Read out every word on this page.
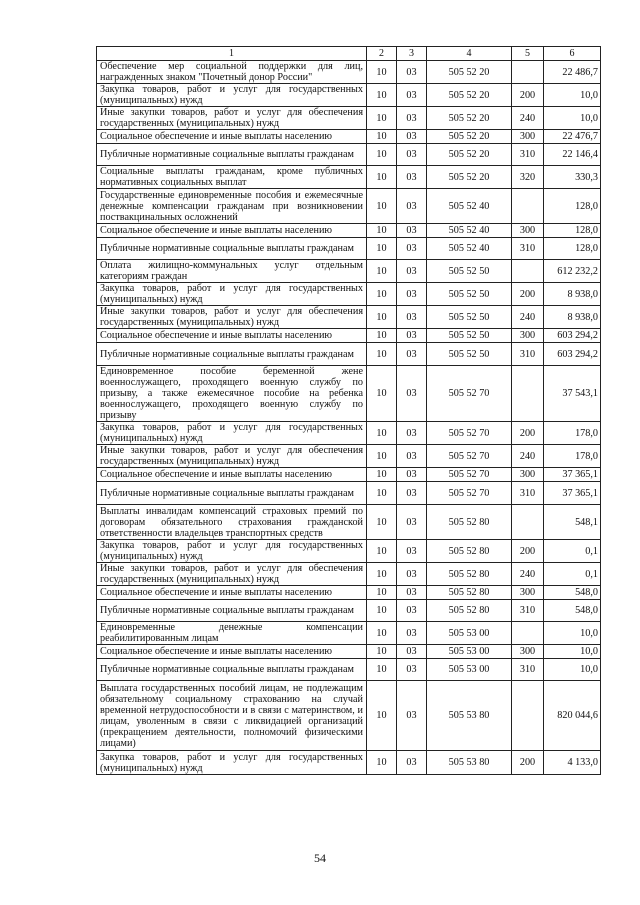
1	2	3	4	5	6
Обеспечение мер социальной поддержки для лиц, награжденных знаком "Почетный донор России"	10	03	505 52 20		22 486,7
Закупка товаров, работ и услуг для государственных (муниципальных) нужд	10	03	505 52 20	200	10,0
Иные закупки товаров, работ и услуг для обеспечения государственных (муниципальных) нужд	10	03	505 52 20	240	10,0
Социальное обеспечение и иные выплаты населению	10	03	505 52 20	300	22 476,7
Публичные нормативные социальные выплаты гражданам	10	03	505 52 20	310	22 146,4
Социальные выплаты гражданам, кроме публичных нормативных социальных выплат	10	03	505 52 20	320	330,3
Государственные единовременные пособия и ежемесячные денежные компенсации гражданам при возникновении поствакцинальных осложнений	10	03	505 52 40		128,0
Социальное обеспечение и иные выплаты населению	10	03	505 52 40	300	128,0
Публичные нормативные социальные выплаты гражданам	10	03	505 52 40	310	128,0
Оплата жилищно-коммунальных услуг отдельным категориям граждан	10	03	505 52 50		612 232,2
Закупка товаров, работ и услуг для государственных (муниципальных) нужд	10	03	505 52 50	200	8 938,0
Иные закупки товаров, работ и услуг для обеспечения государственных (муниципальных) нужд	10	03	505 52 50	240	8 938,0
Социальное обеспечение и иные выплаты населению	10	03	505 52 50	300	603 294,2
Публичные нормативные социальные выплаты гражданам	10	03	505 52 50	310	603 294,2
Единовременное пособие беременной жене военнослужащего, проходящего военную службу по призыву, а также ежемесячное пособие на ребенка военнослужащего, проходящего военную службу по призыву	10	03	505 52 70		37 543,1
Закупка товаров, работ и услуг для государственных (муниципальных) нужд	10	03	505 52 70	200	178,0
Иные закупки товаров, работ и услуг для обеспечения государственных (муниципальных) нужд	10	03	505 52 70	240	178,0
Социальное обеспечение и иные выплаты населению	10	03	505 52 70	300	37 365,1
Публичные нормативные социальные выплаты гражданам	10	03	505 52 70	310	37 365,1
Выплаты инвалидам компенсаций страховых премий по договорам обязательного страхования гражданской ответственности владельцев транспортных средств	10	03	505 52 80		548,1
Закупка товаров, работ и услуг для государственных (муниципальных) нужд	10	03	505 52 80	200	0,1
Иные закупки товаров, работ и услуг для обеспечения государственных (муниципальных) нужд	10	03	505 52 80	240	0,1
Социальное обеспечение и иные выплаты населению	10	03	505 52 80	300	548,0
Публичные нормативные социальные выплаты гражданам	10	03	505 52 80	310	548,0
Единовременные денежные компенсации реабилитированным лицам	10	03	505 53 00		10,0
Социальное обеспечение и иные выплаты населению	10	03	505 53 00	300	10,0
Публичные нормативные социальные выплаты гражданам	10	03	505 53 00	310	10,0
Выплата государственных пособий лицам, не подлежащим обязательному социальному страхованию на случай временной нетрудоспособности и в связи с материнством, и лицам, уволенным в связи с ликвидацией организаций (прекращением деятельности, полномочий физическими лицами)	10	03	505 53 80		820 044,6
Закупка товаров, работ и услуг для государственных (муниципальных) нужд	10	03	505 53 80	200	4 133,0
54
